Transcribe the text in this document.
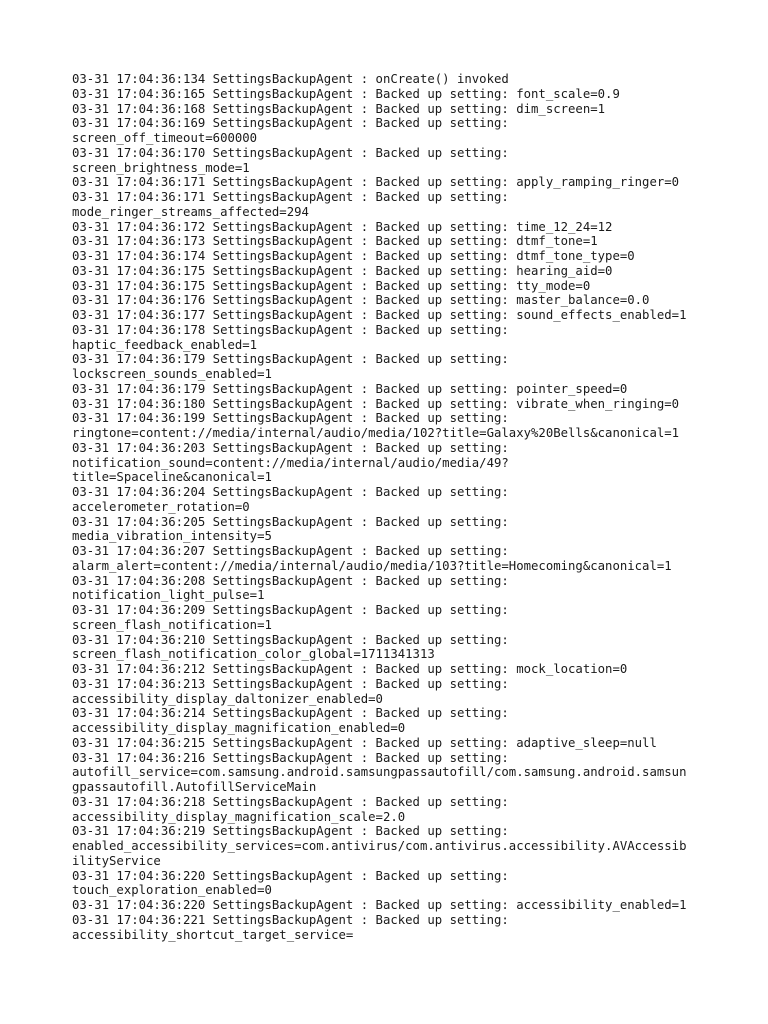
03-31 17:04:36:134 SettingsBackupAgent : onCreate() invoked
03-31 17:04:36:165 SettingsBackupAgent : Backed up setting: font_scale=0.9
03-31 17:04:36:168 SettingsBackupAgent : Backed up setting: dim_screen=1
03-31 17:04:36:169 SettingsBackupAgent : Backed up setting:
screen_off_timeout=600000
03-31 17:04:36:170 SettingsBackupAgent : Backed up setting:
screen_brightness_mode=1
03-31 17:04:36:171 SettingsBackupAgent : Backed up setting: apply_ramping_ringer=0
03-31 17:04:36:171 SettingsBackupAgent : Backed up setting:
mode_ringer_streams_affected=294
03-31 17:04:36:172 SettingsBackupAgent : Backed up setting: time_12_24=12
03-31 17:04:36:173 SettingsBackupAgent : Backed up setting: dtmf_tone=1
03-31 17:04:36:174 SettingsBackupAgent : Backed up setting: dtmf_tone_type=0
03-31 17:04:36:175 SettingsBackupAgent : Backed up setting: hearing_aid=0
03-31 17:04:36:175 SettingsBackupAgent : Backed up setting: tty_mode=0
03-31 17:04:36:176 SettingsBackupAgent : Backed up setting: master_balance=0.0
03-31 17:04:36:177 SettingsBackupAgent : Backed up setting: sound_effects_enabled=1
03-31 17:04:36:178 SettingsBackupAgent : Backed up setting:
haptic_feedback_enabled=1
03-31 17:04:36:179 SettingsBackupAgent : Backed up setting:
lockscreen_sounds_enabled=1
03-31 17:04:36:179 SettingsBackupAgent : Backed up setting: pointer_speed=0
03-31 17:04:36:180 SettingsBackupAgent : Backed up setting: vibrate_when_ringing=0
03-31 17:04:36:199 SettingsBackupAgent : Backed up setting:
ringtone=content://media/internal/audio/media/102?title=Galaxy%20Bells&canonical=1
03-31 17:04:36:203 SettingsBackupAgent : Backed up setting:
notification_sound=content://media/internal/audio/media/49?
title=Spaceline&canonical=1
03-31 17:04:36:204 SettingsBackupAgent : Backed up setting:
accelerometer_rotation=0
03-31 17:04:36:205 SettingsBackupAgent : Backed up setting:
media_vibration_intensity=5
03-31 17:04:36:207 SettingsBackupAgent : Backed up setting:
alarm_alert=content://media/internal/audio/media/103?title=Homecoming&canonical=1
03-31 17:04:36:208 SettingsBackupAgent : Backed up setting:
notification_light_pulse=1
03-31 17:04:36:209 SettingsBackupAgent : Backed up setting:
screen_flash_notification=1
03-31 17:04:36:210 SettingsBackupAgent : Backed up setting:
screen_flash_notification_color_global=1711341313
03-31 17:04:36:212 SettingsBackupAgent : Backed up setting: mock_location=0
03-31 17:04:36:213 SettingsBackupAgent : Backed up setting:
accessibility_display_daltonizer_enabled=0
03-31 17:04:36:214 SettingsBackupAgent : Backed up setting:
accessibility_display_magnification_enabled=0
03-31 17:04:36:215 SettingsBackupAgent : Backed up setting: adaptive_sleep=null
03-31 17:04:36:216 SettingsBackupAgent : Backed up setting:
autofill_service=com.samsung.android.samsungpassautofill/com.samsung.android.samsun
gpassautofill.AutofillServiceMain
03-31 17:04:36:218 SettingsBackupAgent : Backed up setting:
accessibility_display_magnification_scale=2.0
03-31 17:04:36:219 SettingsBackupAgent : Backed up setting:
enabled_accessibility_services=com.antivirus/com.antivirus.accessibility.AVAccessib
ilityService
03-31 17:04:36:220 SettingsBackupAgent : Backed up setting:
touch_exploration_enabled=0
03-31 17:04:36:220 SettingsBackupAgent : Backed up setting: accessibility_enabled=1
03-31 17:04:36:221 SettingsBackupAgent : Backed up setting:
accessibility_shortcut_target_service=
